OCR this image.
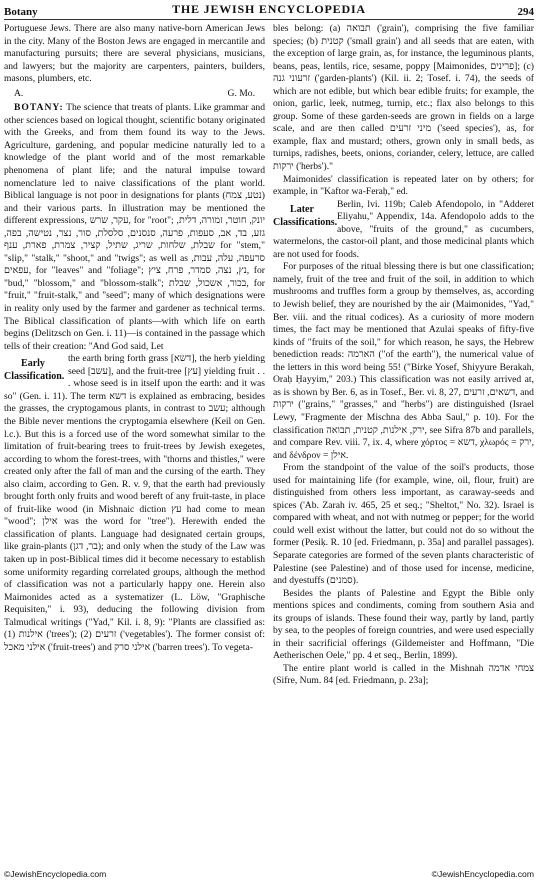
Botany	THE JEWISH ENCYCLOPEDIA	294

Portuguese Jews. There are also many native-born American Jews in the city. Many of the Boston Jews are engaged in mercantile and manufacturing pursuits; there are several physicians, musicians, and lawyers; but the majority are carpenters, painters, builders, masons, plumbers, etc.

A.	G. Mo.

BOTANY: The science that treats of plants. Like grammar and other sciences based on logical thought, scientific botany originated with the Greeks, and from them found its way to the Jews. Agriculture, gardening, and popular medicine naturally led to a knowledge of the plant world and of the most remarkable phenomena of plant life; and the natural impulse toward nomenclature led to naive classifications of the plant world. Biblical language is not poor in designations for plants (נטע, צמח) and their various parts. In illustration may be mentioned the different expressions, עקר, שרש, for "root"; יונק, חוטר, זמורה, דלית, גזע, בד, אב, סעפות, פרעה, סנסנים, סלסלת, סור, נצר, נטישה, בפה, שבלת, שלחות, שריג, שתיל, קציר, צמרת, פארת, ענף for "stem," "slip," "stalk," "shoot," and "twigs"; as well as סרעפה, עלה, עבות, עפאים, for "leaves" and "foliage"; נץ, נצה, סמדר, פרח, ציץ, for "bud," "blossom," and "blossom-stalk"; בכור, אשכול, שבלת, for "fruit," "fruit-stalk," and "seed"; many of which designations were in reality only used by the farmer and gardener as technical terms. The Biblical classification of plants—with which life on earth begins (Delitzsch on Gen. i. 11)—is contained in the passage which tells of their creation: "And God said, Let

Early Classification.

the earth bring forth grass [דשא], the herb yielding seed [עשב], and the fruit-tree [עץ] yielding fruit . . . whose seed is in itself upon the earth: and it was so" (Gen. i. 11). The term דשא is explained as embracing, besides the grasses, the cryptogamous plants, in contrast to עשב; although the Bible never mentions the cryptogamia elsewhere (Keil on Gen. l.c.). But this is a forced use of the word somewhat similar to the limitation of fruit-bearing trees to fruit-trees by Jewish exegetes, according to whom the forest-trees, with "thorns and thistles," were created only after the fall of man and the cursing of the earth. They also claim, according to Gen. R. v. 9, that the earth had previously brought forth only fruits and wood bereft of any fruit-taste, in place of fruit-like wood (in Mishnaic diction עץ had come to mean "wood"; אילן was the word for "tree"). Herewith ended the classification of plants. Language had designated certain groups, like grain-plants (בר, דגן); and only when the study of the Law was taken up in post-Biblical times did it become necessary to establish some uniformity regarding correlated groups, although the method of classification was not a particularly happy one. Herein also Maimonides acted as a systematizer (L. Löw, "Graphische Requisiten," i. 93), deducing the following division from Talmudical writings ("Yad," Kil. i. 8, 9): "Plants are classified as: (1) אילנות ('trees'); (2) זרעים ('vegetables'). The former consist of: אילני מאכל ('fruit-trees') and אילני סרק ('barren trees'). To vegeta-

bles belong: (a) תבואה ('grain'), comprising the five familiar species; (b) קטנית ('small grain') and all seeds that are eaten, with the exception of large grain, as, for instance, the leguminous plants, beans, peas, lentils, rice, sesame, poppy [Maimonides, פרינים]; (c) זרעוני גנה ('garden-plants') (Kil. ii. 2; Tosef. i. 74), the seeds of which are not edible, but which bear edible fruits; for example, the onion, garlic, leek, nutmeg, turnip, etc.; flax also belongs to this group. Some of these garden-seeds are grown in fields on a large scale, and are then called מיני זרעים ('seed species'), as, for example, flax and mustard; others, grown only in small beds, as turnips, radishes, beets, onions, coriander, celery, lettuce, are called ירקות ('herbs')."

Maimonides' classification is repeated later on by others; for example, in "Kaftor wa-Feraḥ," ed.

Later Classifications.

Berlin, lvi. 119b; Caleb Afendopolo, in "Adderet Eliyahu," Appendix, 14a. Afendopolo adds to the above, "fruits of the ground," as cucumbers, watermelons, the castor-oil plant, and those medicinal plants which are not used for foods.

For purposes of the ritual blessing there is but one classification; namely, fruit of the tree and fruit of the soil, in addition to which mushrooms and truffles form a group by themselves, as, according to Jewish belief, they are nourished by the air (Maimonides, "Yad," Ber. viii. and the ritual codices). As a curiosity of more modern times, the fact may be mentioned that Azulai speaks of fifty-five kinds of "fruits of the soil," for which reason, he says, the Hebrew benediction reads: הארמה ("of the earth"), the numerical value of the letters in this word being 55! ("Birke Yosef, Shiyyure Berakah, Oraḥ Ḥayyim," 203.) This classification was not easily arrived at, as is shown by Ber. 6, as in Tosef., Ber. vi. 8, 27, דשאים, זרעים, and ירקות ("grains," "grasses," and "herbs") are distinguished (Israel Lewy, "Fragmente der Mischna des Abba Saul," p. 10). For the classification ירק, אילנות, קטנית, תבואה, see Sifra 87b and parallels, and compare Rev. viii. 7, ix. 4, where χόρτος = דשא, χλωρός = ירק, and δένδρον = אילן.

From the standpoint of the value of the soil's products, those used for maintaining life (for example, wine, oil, flour, fruit) are distinguished from others less important, as caraway-seeds and spices ('Ab. Zarah iv. 465, 25 et seq.; "Sheltot," No. 32). Israel is compared with wheat, and not with nutmeg or pepper; for the world could well exist without the latter, but could not do so without the former (Pesiḳ. R. 10 [ed. Friedmann, p. 35a] and parallel passages). Separate categories are formed of the seven plants characteristic of Palestine (see Palestine) and of those used for incense, medicine, and dyestuffs (סמנים).

Besides the plants of Palestine and Egypt the Bible only mentions spices and condiments, coming from southern Asia and its groups of islands. These found their way, partly by land, partly by sea, to the peoples of foreign countries, and were used especially in their sacrificial offerings (Gildemeister and Hoffmann, "Die Aetherischen Oele," pp. 4 et seq., Berlin, 1899).

The entire plant world is called in the Mishnah צמחי אדמה (Sifre, Num. 84 [ed. Friedmann, p. 23a];

©JewishEncyclopedia.com	©JewishEncyclopedia.com
